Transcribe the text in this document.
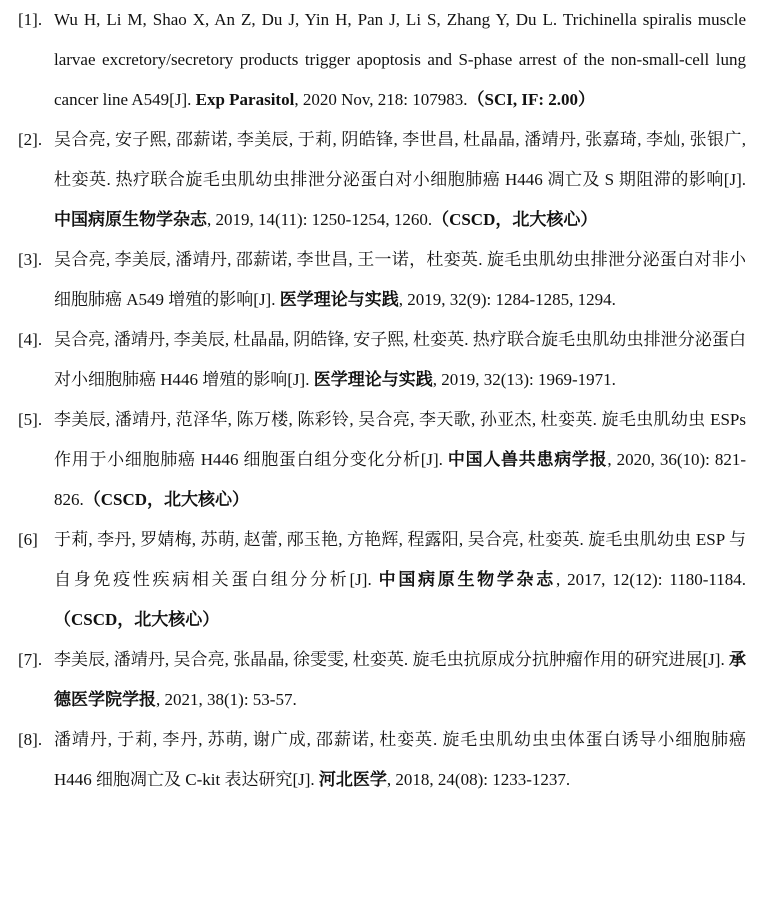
[1]. Wu H, Li M, Shao X, An Z, Du J, Yin H, Pan J, Li S, Zhang Y, Du L. Trichinella spiralis muscle larvae excretory/secretory products trigger apoptosis and S-phase arrest of the non-small-cell lung cancer line A549[J]. Exp Parasitol, 2020 Nov, 218: 107983.（SCI, IF: 2.00）
[2]. 吴合亮, 安子熙, 邵薪诺, 李美辰, 于莉, 阴皓锋, 李世昌, 杜晶晶, 潘靖丹, 张嘉琦, 李灿, 张银广, 杜娈英. 热疗联合旋毛虫肌幼虫排泄分泌蛋白对小细胞肺癌 H446 凋亡及 S 期阻滞的影响[J]. 中国病原生物学杂志, 2019, 14(11): 1250-1254, 1260.（CSCD，北大核心）
[3]. 吴合亮, 李美辰, 潘靖丹, 邵薪诺, 李世昌, 王一诺，杜娈英. 旋毛虫肌幼虫排泄分泌蛋白对非小细胞肺癌 A549 增殖的影响[J]. 医学理论与实践, 2019, 32(9): 1284-1285, 1294.
[4]. 吴合亮, 潘靖丹, 李美辰, 杜晶晶, 阴皓锋, 安子熙, 杜娈英. 热疗联合旋毛虫肌幼虫排泄分泌蛋白对小细胞肺癌 H446 增殖的影响[J]. 医学理论与实践, 2019, 32(13): 1969-1971.
[5]. 李美辰, 潘靖丹, 范泽华, 陈万楼, 陈彩铃, 吴合亮, 李天歌, 孙亚杰, 杜娈英. 旋毛虫肌幼虫 ESPs 作用于小细胞肺癌 H446 细胞蛋白组分变化分析[J]. 中国人兽共患病学报, 2020, 36(10): 821-826.（CSCD，北大核心）
[6] 于莉, 李丹, 罗婧梅, 苏萌, 赵蕾, 邴玉艳, 方艳辉, 程露阳, 吴合亮, 杜娈英. 旋毛虫肌幼虫 ESP 与自身免疫性疾病相关蛋白组分分析[J]. 中国病原生物学杂志, 2017, 12(12): 1180-1184.（CSCD，北大核心）
[7]. 李美辰, 潘靖丹, 吴合亮, 张晶晶, 徐雯雯, 杜娈英. 旋毛虫抗原成分抗肿瘤作用的研究进展[J]. 承德医学院学报, 2021, 38(1): 53-57.
[8]. 潘靖丹, 于莉, 李丹, 苏萌, 谢广成, 邵薪诺, 杜娈英. 旋毛虫肌幼虫虫体蛋白诱导小细胞肺癌 H446 细胞凋亡及 C-kit 表达研究[J]. 河北医学, 2018, 24(08): 1233-1237.
